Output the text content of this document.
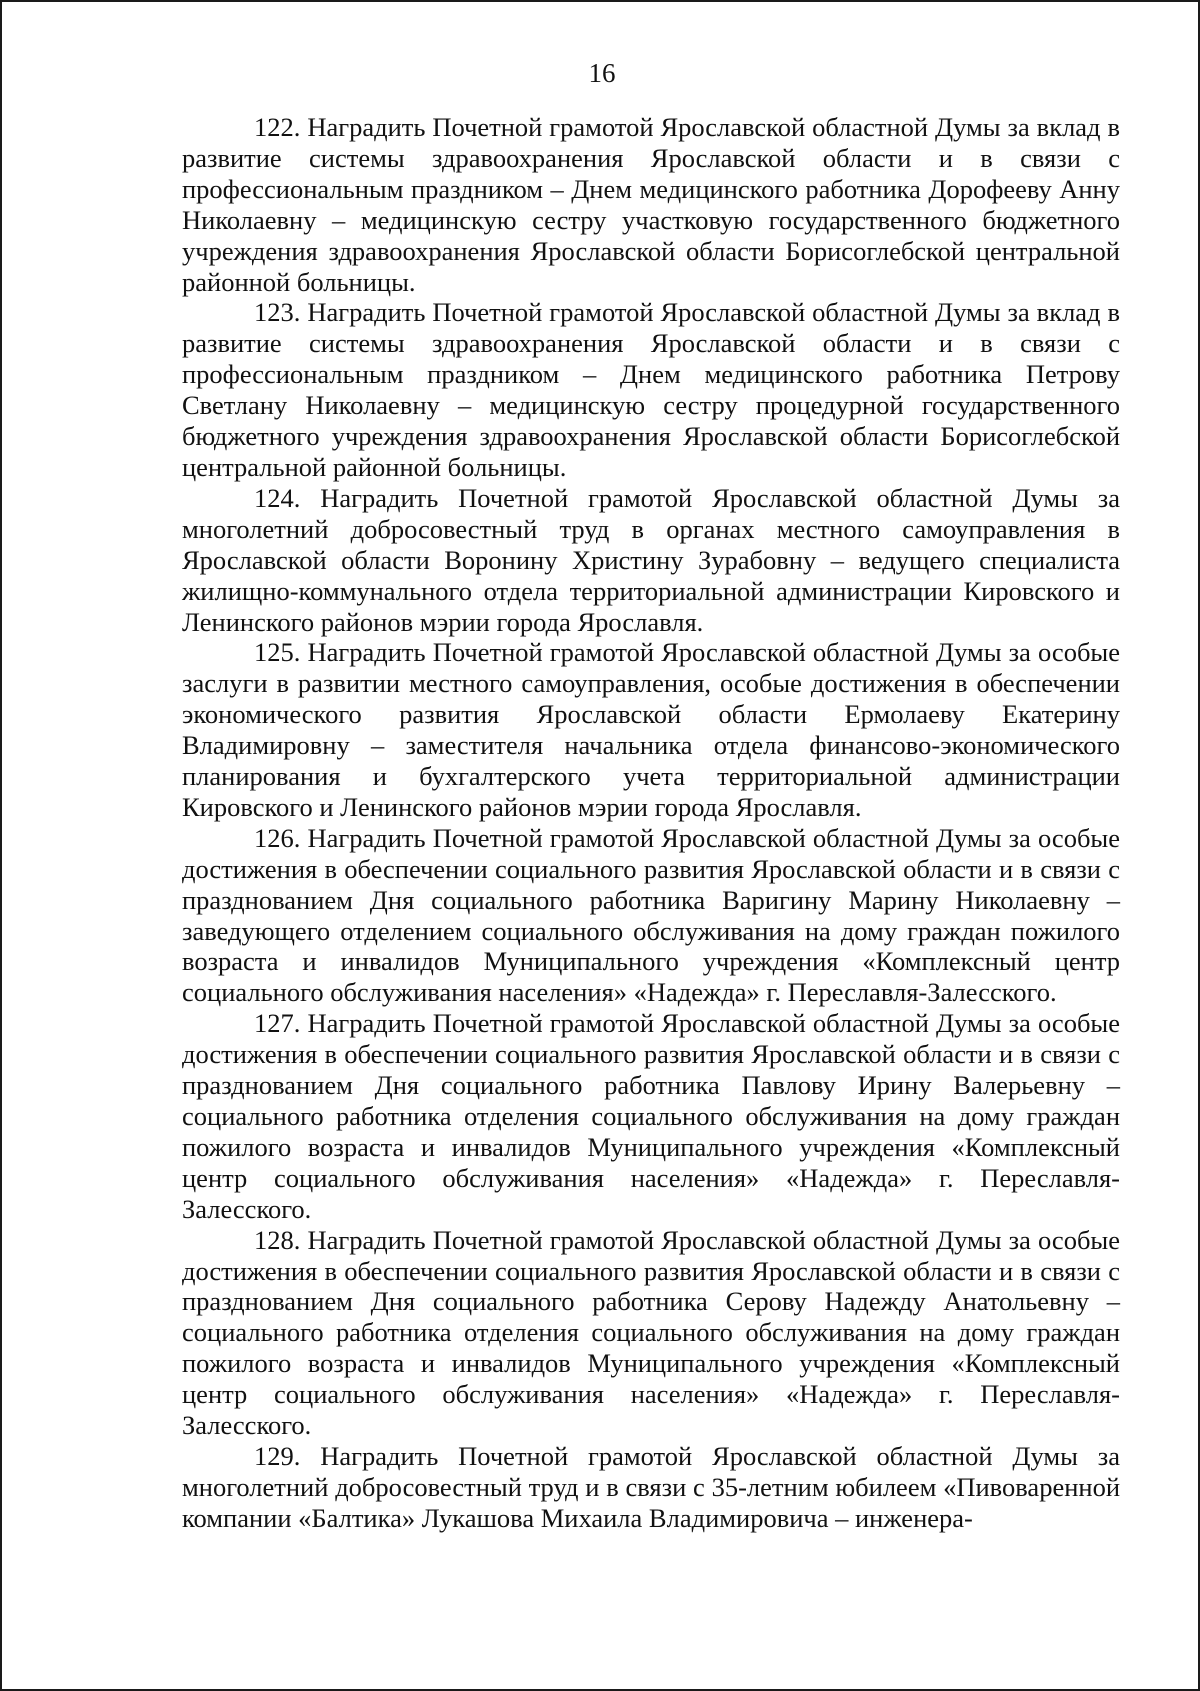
16

122. Наградить Почетной грамотой Ярославской областной Думы за вклад в развитие системы здравоохранения Ярославской области и в связи с профессиональным праздником – Днем медицинского работника Дорофееву Анну Николаевну – медицинскую сестру участковую государственного бюджетного учреждения здравоохранения Ярославской области Борисоглебской центральной районной больницы.

123. Наградить Почетной грамотой Ярославской областной Думы за вклад в развитие системы здравоохранения Ярославской области и в связи с профессиональным праздником – Днем медицинского работника Петрову Светлану Николаевну – медицинскую сестру процедурной государственного бюджетного учреждения здравоохранения Ярославской области Борисоглебской центральной районной больницы.

124. Наградить Почетной грамотой Ярославской областной Думы за многолетний добросовестный труд в органах местного самоуправления в Ярославской области Воронину Христину Зурабовну – ведущего специалиста жилищно-коммунального отдела территориальной администрации Кировского и Ленинского районов мэрии города Ярославля.

125. Наградить Почетной грамотой Ярославской областной Думы за особые заслуги в развитии местного самоуправления, особые достижения в обеспечении экономического развития Ярославской области Ермолаеву Екатерину Владимировну – заместителя начальника отдела финансово-экономического планирования и бухгалтерского учета территориальной администрации Кировского и Ленинского районов мэрии города Ярославля.

126. Наградить Почетной грамотой Ярославской областной Думы за особые достижения в обеспечении социального развития Ярославской области и в связи с празднованием Дня социального работника Варигину Марину Николаевну – заведующего отделением социального обслуживания на дому граждан пожилого возраста и инвалидов Муниципального учреждения «Комплексный центр социального обслуживания населения» «Надежда» г. Переславля-Залесского.

127. Наградить Почетной грамотой Ярославской областной Думы за особые достижения в обеспечении социального развития Ярославской области и в связи с празднованием Дня социального работника Павлову Ирину Валерьевну – социального работника отделения социального обслуживания на дому граждан пожилого возраста и инвалидов Муниципального учреждения «Комплексный центр социального обслуживания населения» «Надежда» г. Переславля-Залесского.

128. Наградить Почетной грамотой Ярославской областной Думы за особые достижения в обеспечении социального развития Ярославской области и в связи с празднованием Дня социального работника Серову Надежду Анатольевну – социального работника отделения социального обслуживания на дому граждан пожилого возраста и инвалидов Муниципального учреждения «Комплексный центр социального обслуживания населения» «Надежда» г. Переславля-Залесского.

129. Наградить Почетной грамотой Ярославской областной Думы за многолетний добросовестный труд и в связи с 35-летним юбилеем «Пивоваренной компании «Балтика» Лукашова Михаила Владимировича – инженера-
